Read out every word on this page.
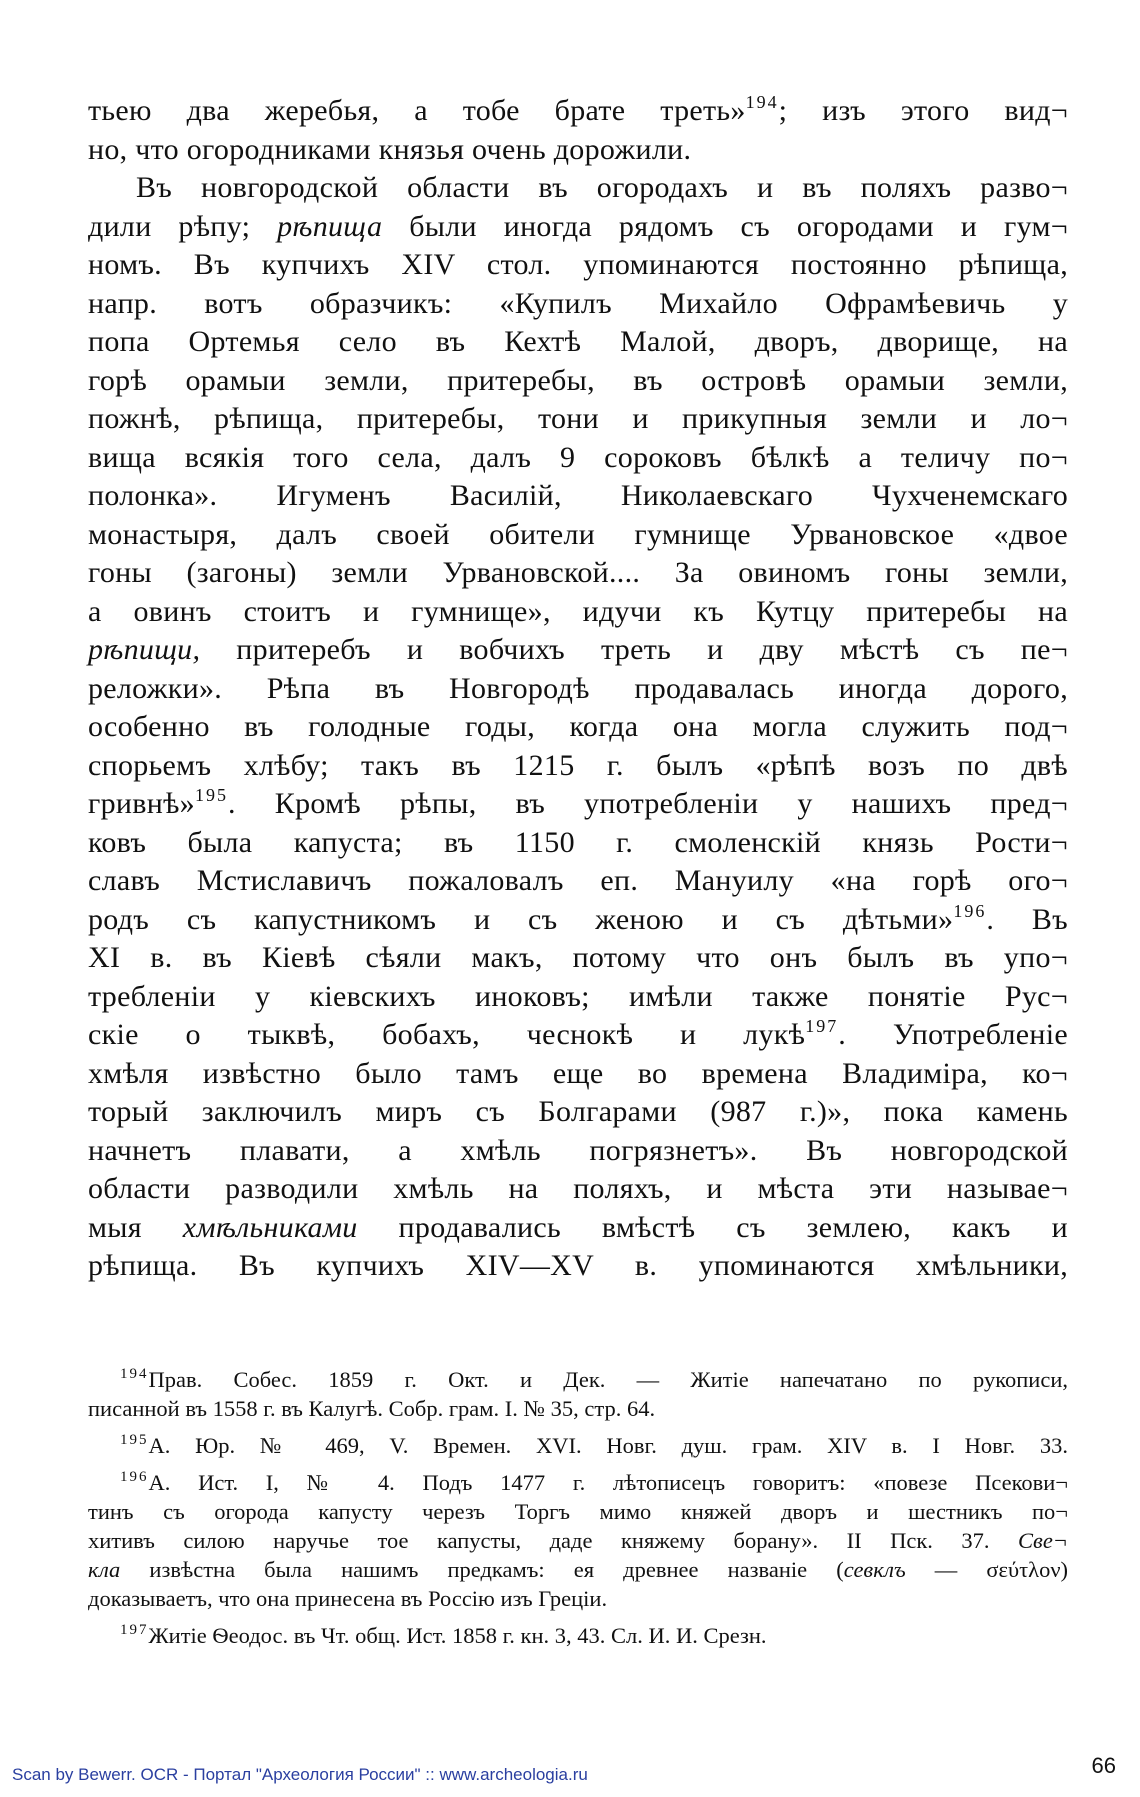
тьею два жеребья, а тобе брате треть»$^{194}$; изъ этого вид¬
но, что огородниками князья очень дорожили.
Въ новгородской области въ огородахъ и въ поляхъ разво¬
дили рѣпу; рѣпища были иногда рядомъ съ огородами и гум¬
номъ. Въ купчихъ XIV стол. упоминаются постоянно рѣпища,
напр. вотъ образчикъ: «Купилъ Михайло Офрамѣевичь у
попа Ортемья село въ Кехтѣ Малой, дворъ, дворище, на
горѣ орамыи земли, притеребы, въ островѣ орамыи земли,
пожнѣ, рѣпища, притеребы, тони и прикупныя земли и ло¬
вища всякія того села, далъ 9 сороковъ бѣлкѣ а теличу по¬
полонка». Игуменъ Василій, Николаевскаго Чухченемскаго
монастыря, далъ своей обители гумнище Урвановское «двое
гоны (загоны) земли Урвановской.... За овиномъ гоны земли,
а овинъ стоитъ и гумнище», идучи къ Кутцу притеребы на
рѣпищи, притеребъ и вобчихъ треть и дву мѣстѣ съ пе¬
реложки». Рѣпа въ Новгородѣ продавалась иногда дорого,
особенно въ голодные годы, когда она могла служить под¬
спорьемъ хлѣбу; такъ въ 1215 г. былъ «рѣпѣ возъ по двѣ
гривнѣ»$^{195}$. Кромѣ рѣпы, въ употребленіи у нашихъ пред¬
ковъ была капуста; въ 1150 г. смоленскій князь Рости¬
славъ Мстиславичъ пожаловалъ еп. Мануилу «на горѣ ого¬
родъ съ капустникомъ и съ женою и съ дѣтьми»$^{196}$. Въ
XI в. въ Кіевѣ сѣяли макъ, потому что онъ былъ въ упо¬
требленіи у кіевскихъ иноковъ; имѣли также понятіе Рус¬
скіе о тыквѣ, бобахъ, чеснокѣ и лукѣ$^{197}$. Употребленіе
хмѣля извѣстно было тамъ еще во времена Владиміра, ко¬
торый заключилъ миръ съ Болгарами (987 г.)», пока камень
начнетъ плавати, а хмѣль погрязнетъ». Въ новгородской
области разводили хмѣль на поляхъ, и мѣста эти называе¬
мыя хмѣльниками продавались вмѣстѣ съ землею, какъ и
рѣпища. Въ купчихъ XIV—XV в. упоминаются хмѣльники,
$^{194}$Прав. Собес. 1859 г. Окт. и Дек. — Житіе напечатано по рукописи,
писанной въ 1558 г. въ Калугѣ. Собр. грам. I. № 35, стр. 64.
$^{195}$А. Юр. № 469, V. Времен. XVI. Новг. душ. грам. XIV в. I Новг. 33.
$^{196}$А. Ист. I, № 4. Подъ 1477 г. лѣтописецъ говоритъ: «повезе Псекови¬
тинъ съ огорода капусту черезъ Торгъ мимо княжей дворъ и шестникъ по¬
хитивъ силою наручье тое капусты, даде княжему борану». II Пск. 37. Све¬
кла извѣстна была нашимъ предкамъ: ея древнее названіе (севклъ — σεύτλον)
доказываетъ, что она принесена въ Россію изъ Греціи.
$^{197}$Житіе Ѳеодос. въ Чт. общ. Ист. 1858 г. кн. 3, 43. Сл. И. И. Срезн.
Scan by Bewerr. OCR - Портал "Археология России" :: www.archeologia.ru	66
